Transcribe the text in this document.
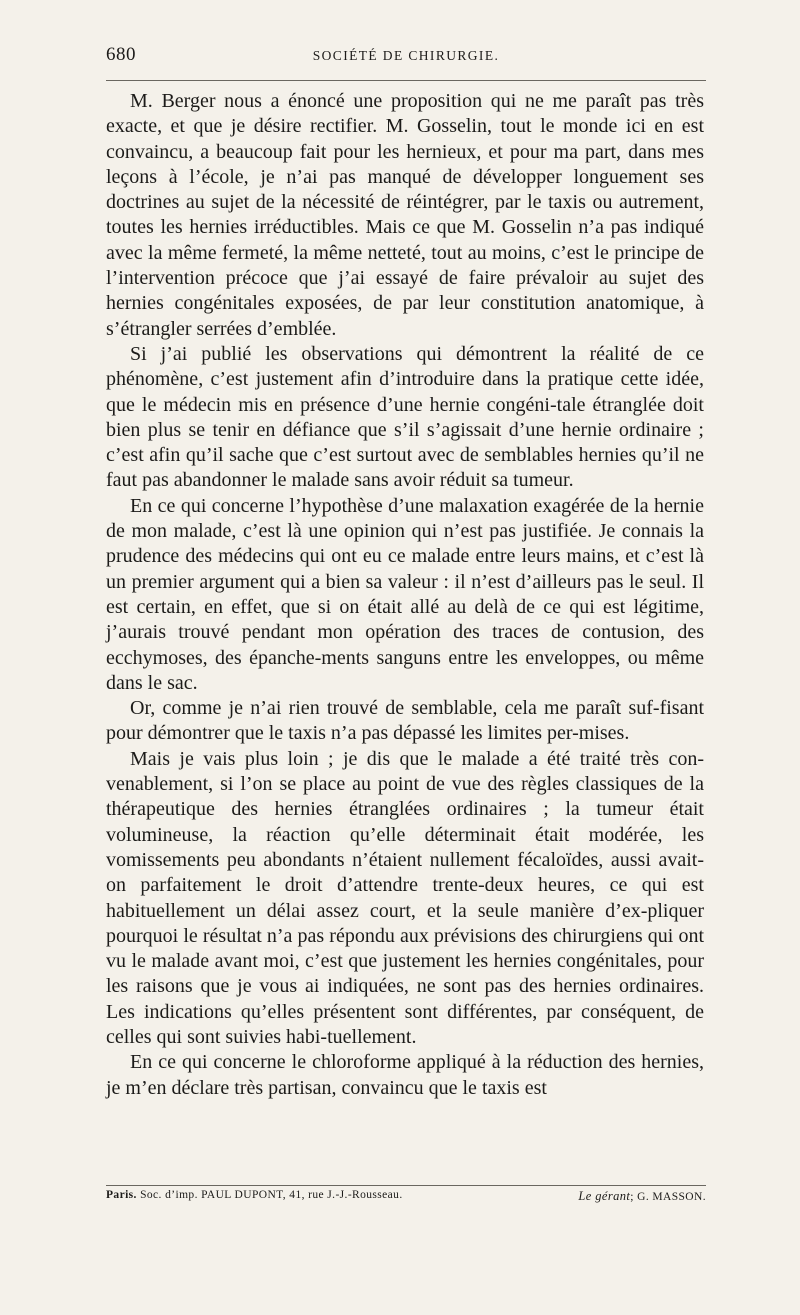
680	SOCIÉTÉ DE CHIRURGIE.

M. Berger nous a énoncé une proposition qui ne me paraît pas très exacte, et que je désire rectifier. M. Gosselin, tout le monde ici en est convaincu, a beaucoup fait pour les hernieux, et pour ma part, dans mes leçons à l’école, je n’ai pas manqué de développer longuement ses doctrines au sujet de la nécessité de réintégrer, par le taxis ou autrement, toutes les hernies irréductibles. Mais ce que M. Gosselin n’a pas indiqué avec la même fermeté, la même netteté, tout au moins, c’est le principe de l’intervention précoce que j’ai essayé de faire prévaloir au sujet des hernies congénitales exposées, de par leur constitution anatomique, à s’étrangler serrées d’emblée.

Si j’ai publié les observations qui démontrent la réalité de ce phénomène, c’est justement afin d’introduire dans la pratique cette idée, que le médecin mis en présence d’une hernie congéni-tale étranglée doit bien plus se tenir en défiance que s’il s’agissait d’une hernie ordinaire ; c’est afin qu’il sache que c’est surtout avec de semblables hernies qu’il ne faut pas abandonner le malade sans avoir réduit sa tumeur.

En ce qui concerne l’hypothèse d’une malaxation exagérée de la hernie de mon malade, c’est là une opinion qui n’est pas justifiée. Je connais la prudence des médecins qui ont eu ce malade entre leurs mains, et c’est là un premier argument qui a bien sa valeur : il n’est d’ailleurs pas le seul. Il est certain, en effet, que si on était allé au delà de ce qui est légitime, j’aurais trouvé pendant mon opération des traces de contusion, des ecchymoses, des épanche-ments sanguns entre les enveloppes, ou même dans le sac.

Or, comme je n’ai rien trouvé de semblable, cela me paraît suf-fisant pour démontrer que le taxis n’a pas dépassé les limites per-mises.

Mais je vais plus loin ; je dis que le malade a été traité très con-venablement, si l’on se place au point de vue des règles classiques de la thérapeutique des hernies étranglées ordinaires ; la tumeur était volumineuse, la réaction qu’elle déterminait était modérée, les vomissements peu abondants n’étaient nullement fécaloïdes, aussi avait-on parfaitement le droit d’attendre trente-deux heures, ce qui est habituellement un délai assez court, et la seule manière d’ex-pliquer pourquoi le résultat n’a pas répondu aux prévisions des chirurgiens qui ont vu le malade avant moi, c’est que justement les hernies congénitales, pour les raisons que je vous ai indiquées, ne sont pas des hernies ordinaires. Les indications qu’elles présentent sont différentes, par conséquent, de celles qui sont suivies habi-tuellement.

En ce qui concerne le chloroforme appliqué à la réduction des hernies, je m’en déclare très partisan, convaincu que le taxis est

Paris. Soc. d’imp. PAUL DUPONT, 41, rue J.-J.-Rousseau.	Le gérant; G. MASSON.
